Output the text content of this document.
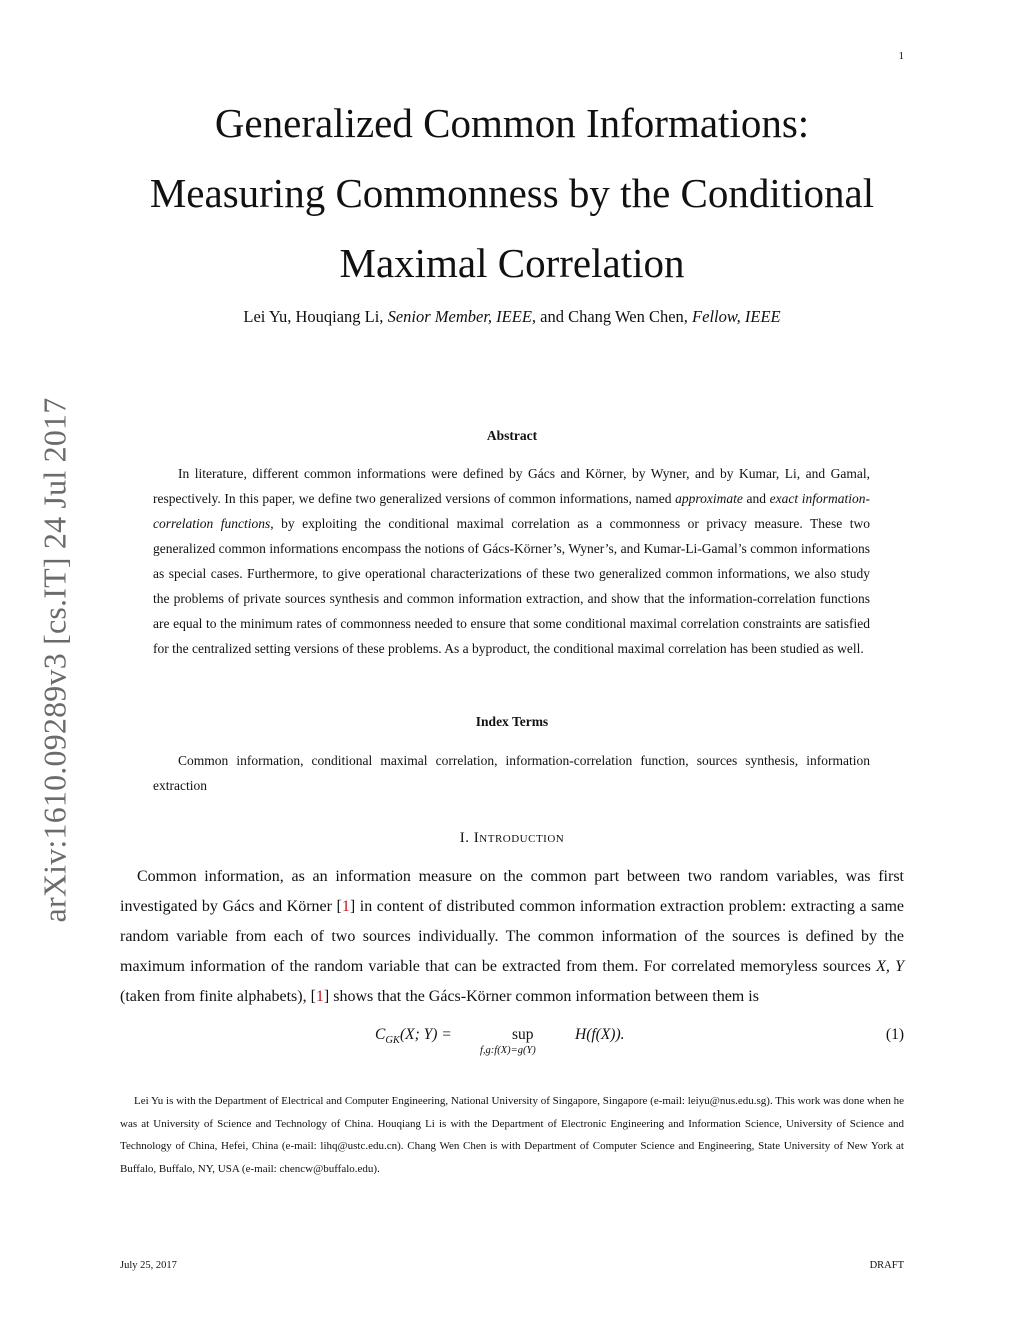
1
Generalized Common Informations:
Measuring Commonness by the Conditional
Maximal Correlation
Lei Yu, Houqiang Li, Senior Member, IEEE, and Chang Wen Chen, Fellow, IEEE
arXiv:1610.09289v3 [cs.IT] 24 Jul 2017	Abstract

In literature, different common informations were defined by Gács and Körner, by Wyner, and by Kumar, Li, and Gamal, respectively. In this paper, we define two generalized versions of common informations, named approximate and exact information-correlation functions, by exploiting the conditional maximal correlation as a commonness or privacy measure. These two generalized common informations encompass the notions of Gács-Körner’s, Wyner’s, and Kumar-Li-Gamal’s common informations as special cases. Furthermore, to give operational characterizations of these two generalized common informations, we also study the problems of private sources synthesis and common information extraction, and show that the information-correlation functions are equal to the minimum rates of commonness needed to ensure that some conditional maximal correlation constraints are satisfied for the centralized setting versions of these problems. As a byproduct, the conditional maximal correlation has been studied as well.

Index Terms

Common information, conditional maximal correlation, information-correlation function, sources synthesis, information extraction

I. Introduction

Common information, as an information measure on the common part between two random variables, was first investigated by Gács and Körner [1] in content of distributed common information extraction problem: extracting a same random variable from each of two sources individually. The common information of the sources is defined by the maximum information of the random variable that can be extracted from them. For correlated memoryless sources X, Y (taken from finite alphabets), [1] shows that the Gács-Körner common information between them is

$C_{GK}(X$; Y) =	sup
f,g:f(X)=g(Y)
H(f(X)).	(1)

Lei Yu is with the Department of Electrical and Computer Engineering, National University of Singapore, Singapore (e-mail: leiyu@nus.edu.sg). This work was done when he was at University of Science and Technology of China. Houqiang Li is with the Department of Electronic Engineering and Information Science, University of Science and Technology of China, Hefei, China (e-mail: lihq@ustc.edu.cn). Chang Wen Chen is with Department of Computer Science and Engineering, State University of New York at Buffalo, Buffalo, NY, USA (e-mail: chencw@buffalo.edu).

July 25, 2017	DRAFT
